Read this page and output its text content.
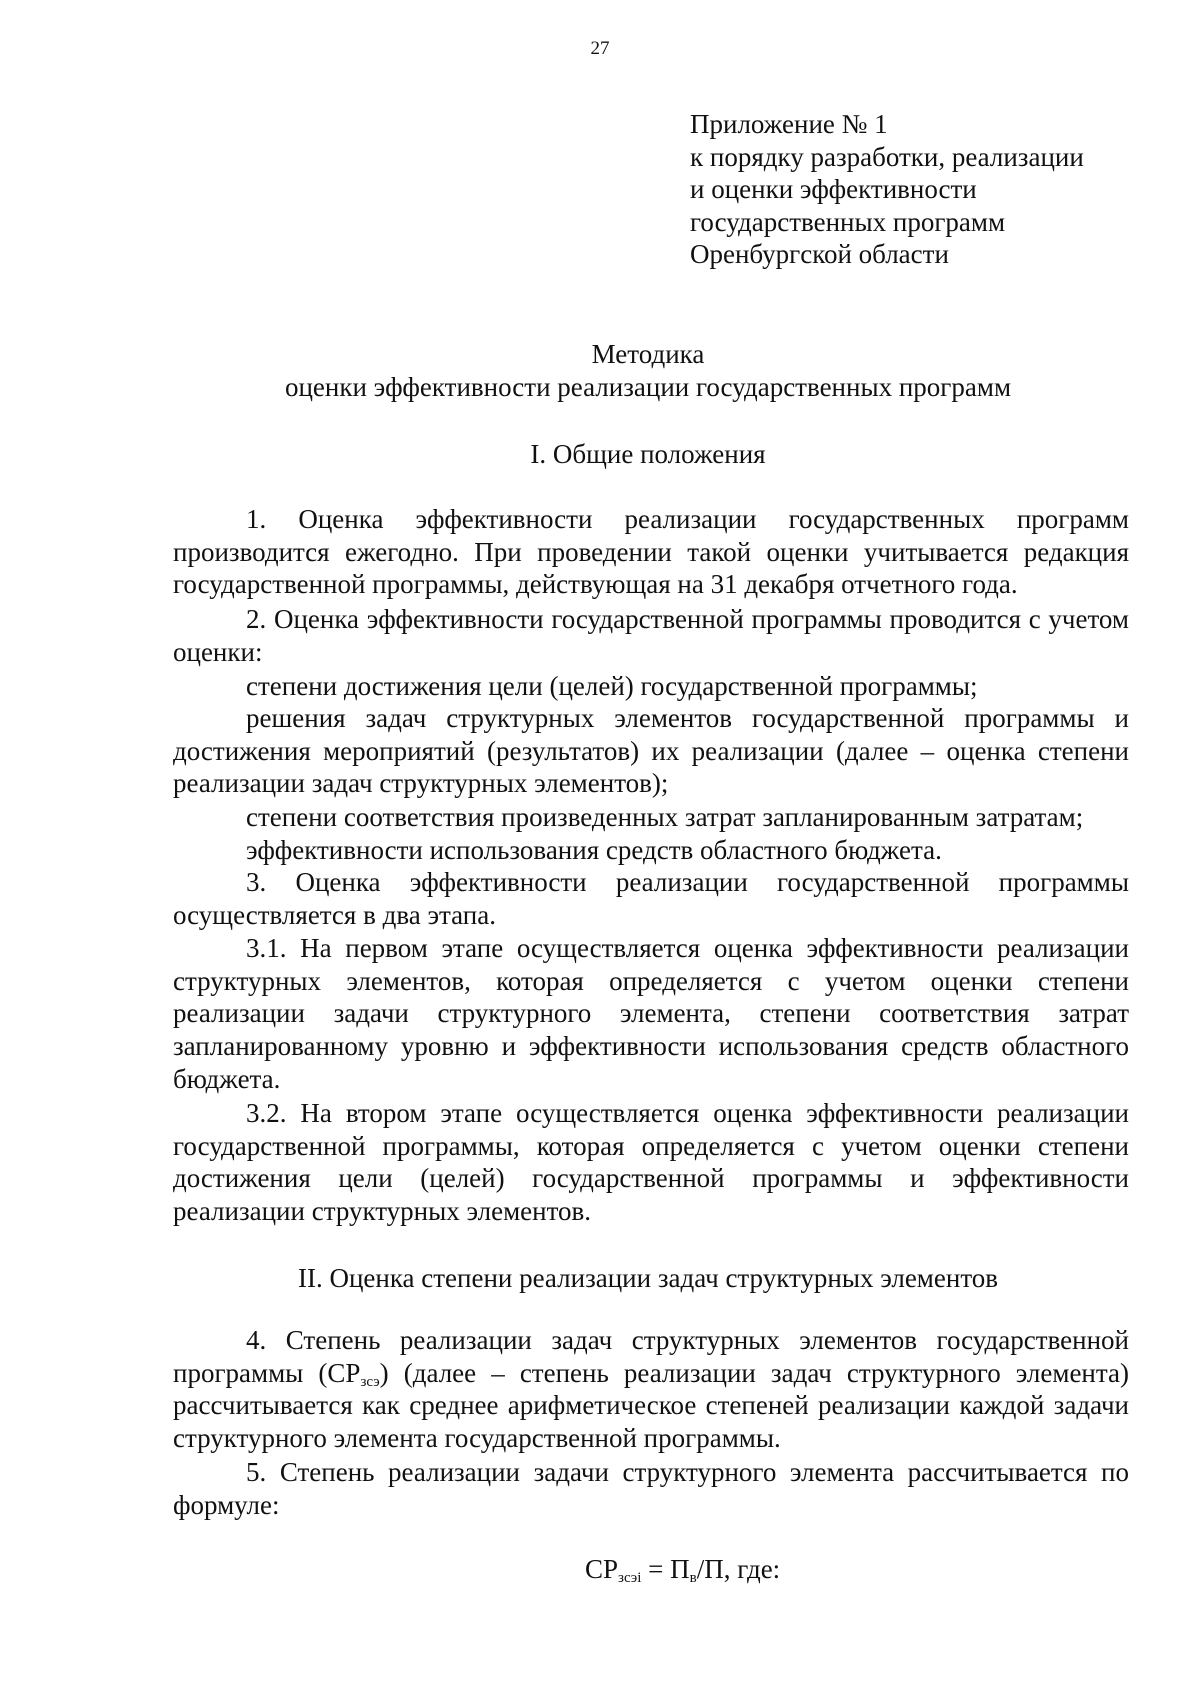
27
Приложение № 1
к порядку разработки, реализации
и оценки эффективности
государственных программ
Оренбургской области
Методика
оценки эффективности реализации государственных программ
I. Общие положения
1. Оценка эффективности реализации государственных программ производится ежегодно. При проведении такой оценки учитывается редакция государственной программы, действующая на 31 декабря отчетного года.
2. Оценка эффективности государственной программы проводится с учетом оценки:
степени достижения цели (целей) государственной программы;
решения задач структурных элементов государственной программы и достижения мероприятий (результатов) их реализации (далее – оценка степени реализации задач структурных элементов);
степени соответствия произведенных затрат запланированным затратам;
эффективности использования средств областного бюджета.
3. Оценка эффективности реализации государственной программы осуществляется в два этапа.
3.1. На первом этапе осуществляется оценка эффективности реализации структурных элементов, которая определяется с учетом оценки степени реализации задачи структурного элемента, степени соответствия затрат запланированному уровню и эффективности использования средств областного бюджета.
3.2. На втором этапе осуществляется оценка эффективности реализации государственной программы, которая определяется с учетом оценки степени достижения цели (целей) государственной программы и эффективности реализации структурных элементов.
II. Оценка степени реализации задач структурных элементов
4. Степень реализации задач структурных элементов государственной программы $(СР_{зсэ})$ (далее – степень реализации задач структурного элемента) рассчитывается как среднее арифметическое степеней реализации каждой задачи структурного элемента государственной программы.
5. Степень реализации задачи структурного элемента рассчитывается по формуле:
$СР_{зсэi} = П_в/П$, где:
